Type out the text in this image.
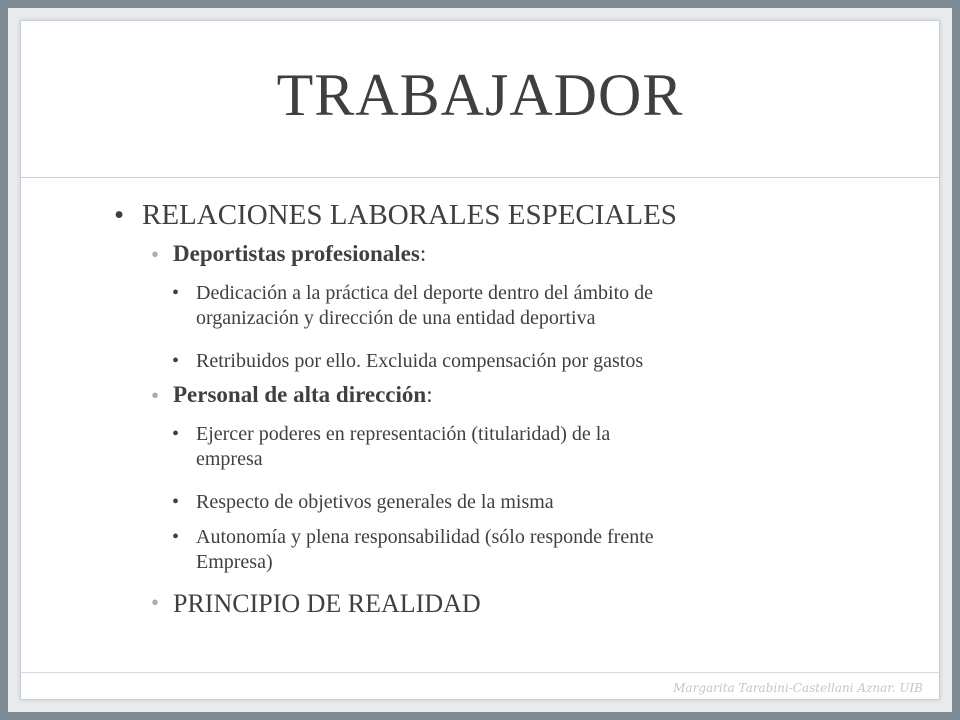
TRABAJADOR
• RELACIONES LABORALES ESPECIALES
• Deportistas profesionales:
• Dedicación a la práctica del deporte dentro del ámbito de
organización y dirección de una entidad deportiva
• Retribuidos por ello. Excluida compensación por gastos
• Personal de alta dirección:
• Ejercer poderes en representación (titularidad) de la
empresa
• Respecto de objetivos generales de la misma
• Autonomía y plena responsabilidad (sólo responde frente
Empresa)
• PRINCIPIO DE REALIDAD
Margarita Tarabini-Castellani Aznar. UIB
